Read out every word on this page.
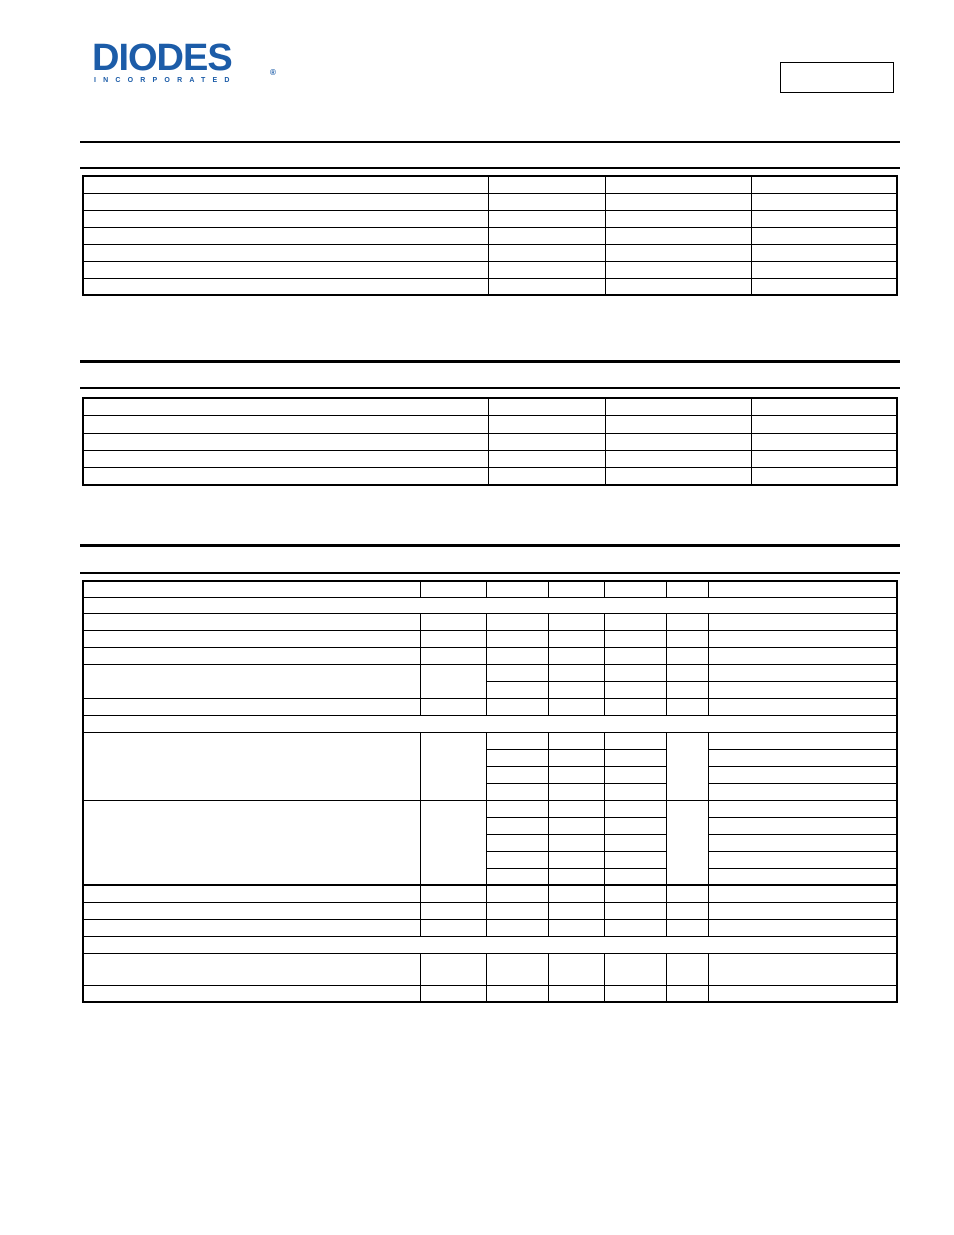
DIODES
INCORPORATED
®
